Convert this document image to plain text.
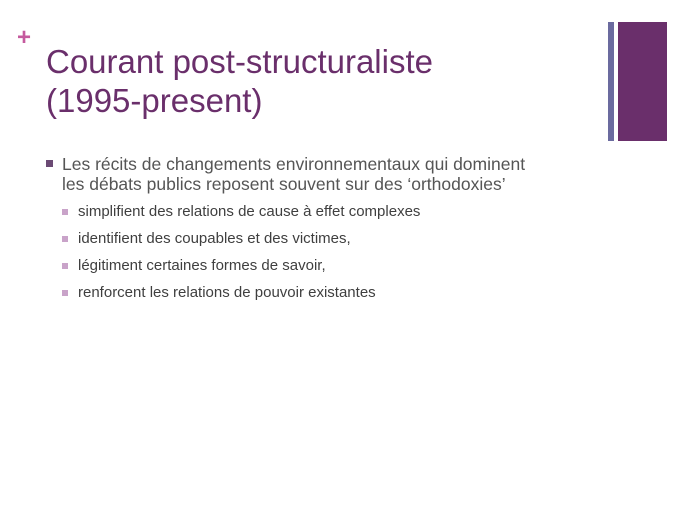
+
Courant post-structuraliste
(1995-present)
Les récits de changements environnementaux qui dominent
les débats publics reposent souvent sur des ‘orthodoxies’
simplifient des relations de cause à effet complexes
identifient des coupables et des victimes,
légitiment certaines formes de savoir,
renforcent les relations de pouvoir existantes
